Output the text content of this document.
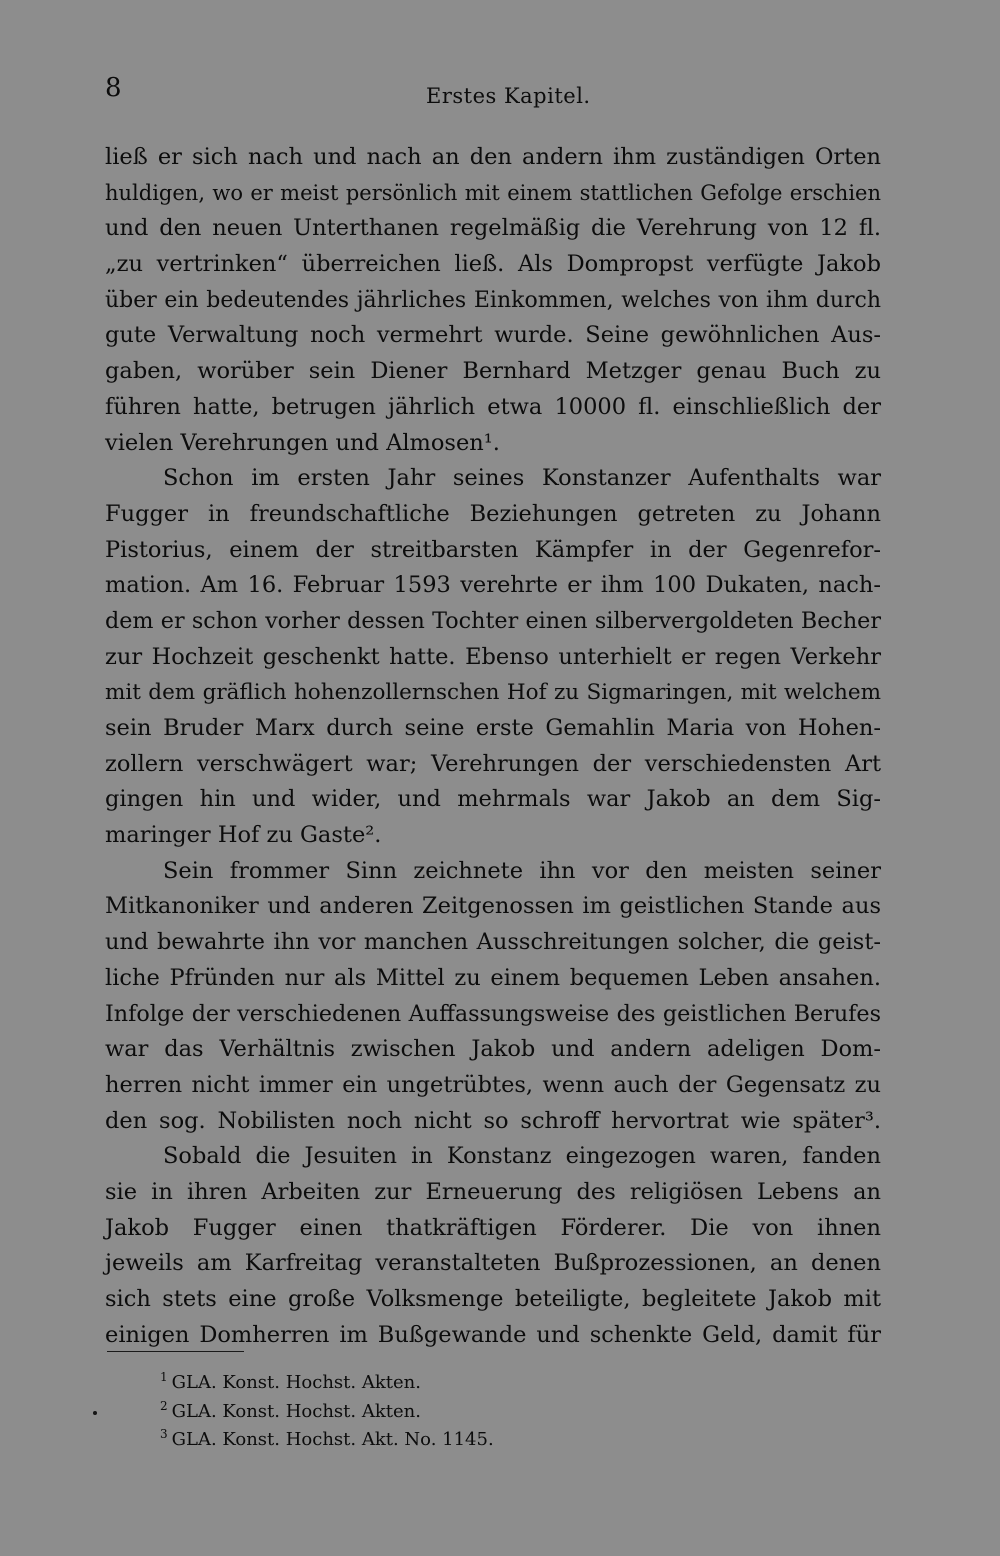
8	Erstes Kapitel.
ließ er sich nach und nach an den andern ihm zuständigen Orten
huldigen, wo er meist persönlich mit einem stattlichen Gefolge erschien
und den neuen Unterthanen regelmäßig die Verehrung von 12 fl.
„zu vertrinken“ überreichen ließ. Als Dompropst verfügte Jakob
über ein bedeutendes jährliches Einkommen, welches von ihm durch
gute Verwaltung noch vermehrt wurde. Seine gewöhnlichen Aus-
gaben, worüber sein Diener Bernhard Metzger genau Buch zu
führen hatte, betrugen jährlich etwa 10000 fl. einschließlich der
vielen Verehrungen und Almosen¹.
Schon im ersten Jahr seines Konstanzer Aufenthalts war
Fugger in freundschaftliche Beziehungen getreten zu Johann
Pistorius, einem der streitbarsten Kämpfer in der Gegenrefor-
mation. Am 16. Februar 1593 verehrte er ihm 100 Dukaten, nach-
dem er schon vorher dessen Tochter einen silbervergoldeten Becher
zur Hochzeit geschenkt hatte. Ebenso unterhielt er regen Verkehr
mit dem gräflich hohenzollernschen Hof zu Sigmaringen, mit welchem
sein Bruder Marx durch seine erste Gemahlin Maria von Hohen-
zollern verschwägert war; Verehrungen der verschiedensten Art
gingen hin und wider, und mehrmals war Jakob an dem Sig-
maringer Hof zu Gaste².
Sein frommer Sinn zeichnete ihn vor den meisten seiner
Mitkanoniker und anderen Zeitgenossen im geistlichen Stande aus
und bewahrte ihn vor manchen Ausschreitungen solcher, die geist-
liche Pfründen nur als Mittel zu einem bequemen Leben ansahen.
Infolge der verschiedenen Auffassungsweise des geistlichen Berufes
war das Verhältnis zwischen Jakob und andern adeligen Dom-
herren nicht immer ein ungetrübtes, wenn auch der Gegensatz zu
den sog. Nobilisten noch nicht so schroff hervortrat wie später³.
Sobald die Jesuiten in Konstanz eingezogen waren, fanden
sie in ihren Arbeiten zur Erneuerung des religiösen Lebens an
Jakob Fugger einen thatkräftigen Förderer. Die von ihnen
jeweils am Karfreitag veranstalteten Bußprozessionen, an denen
sich stets eine große Volksmenge beteiligte, begleitete Jakob mit
einigen Domherren im Bußgewande und schenkte Geld, damit für
$^1$ GLA. Konst. Hochst. Akten.
$^2$ GLA. Konst. Hochst. Akten.
$^3$ GLA. Konst. Hochst. Akt. No. 1145.
